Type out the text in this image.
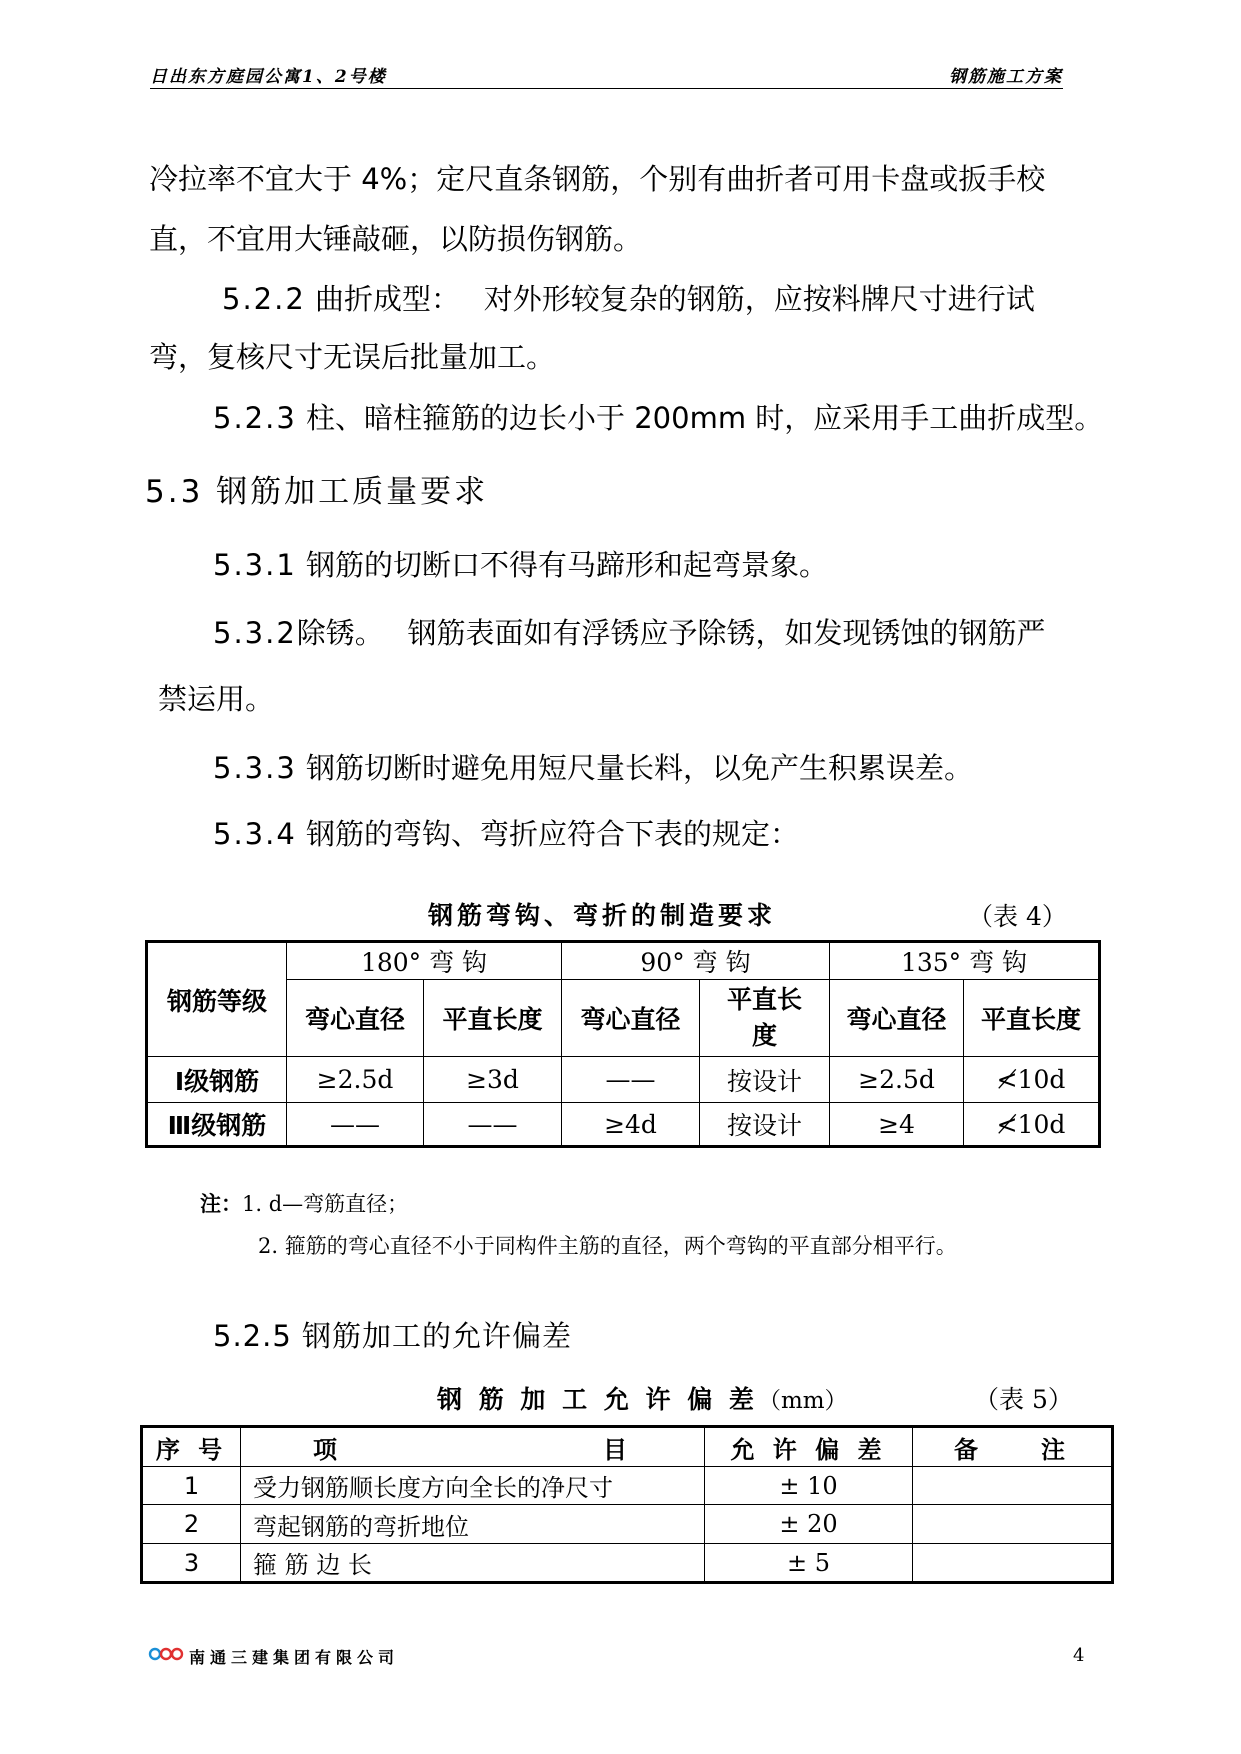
日出东方庭园公寓1、2号楼	钢筋施工方案
冷拉率不宜大于 4%；定尺直条钢筋，个别有曲折者可用卡盘或扳手校
直，不宜用大锤敲砸，以防损伤钢筋。
5.2.2 曲折成型：　 对外形较复杂的钢筋，应按料牌尺寸进行试
弯，复核尺寸无误后批量加工。
5.2.3 柱、暗柱箍筋的边长小于 200mm 时，应采用手工曲折成型。
5.3 钢筋加工质量要求
5.3.1 钢筋的切断口不得有马蹄形和起弯景象。
5.3.2除锈。　 钢筋表面如有浮锈应予除锈，如发现锈蚀的钢筋严
禁运用。
5.3.3 钢筋切断时避免用短尺量长料，以免产生积累误差。
5.3.4 钢筋的弯钩、弯折应符合下表的规定：
钢筋弯钩、弯折的制造要求	（表 4）
钢筋等级	180° 弯 钩		90° 弯 钩		135° 弯 钩	
	弯心直径	平直长度	弯心直径	平直长
度	弯心直径	平直长度
Ⅰ级钢筋	≥2.5d	≥3d	——	按设计	≥2.5d	≮10d
Ⅲ级钢筋	——	——	≥4d	按设计	≥4	≮10d
注：1. d—弯筋直径；
2. 箍筋的弯心直径不小于同构件主筋的直径，两个弯钩的平直部分相平行。
5.2.5 钢筋加工的允许偏差
钢 筋 加 工 允 许 偏 差（mm）	（表 5）
序 号	项　　　　　　　　　目	允 许 偏 差	备　　注
1	受力钢筋顺长度方向全长的净尺寸	± 10	
2	弯起钢筋的弯折地位	± 20	
3	箍 筋 边 长	± 5	
南通三建集团有限公司	4
